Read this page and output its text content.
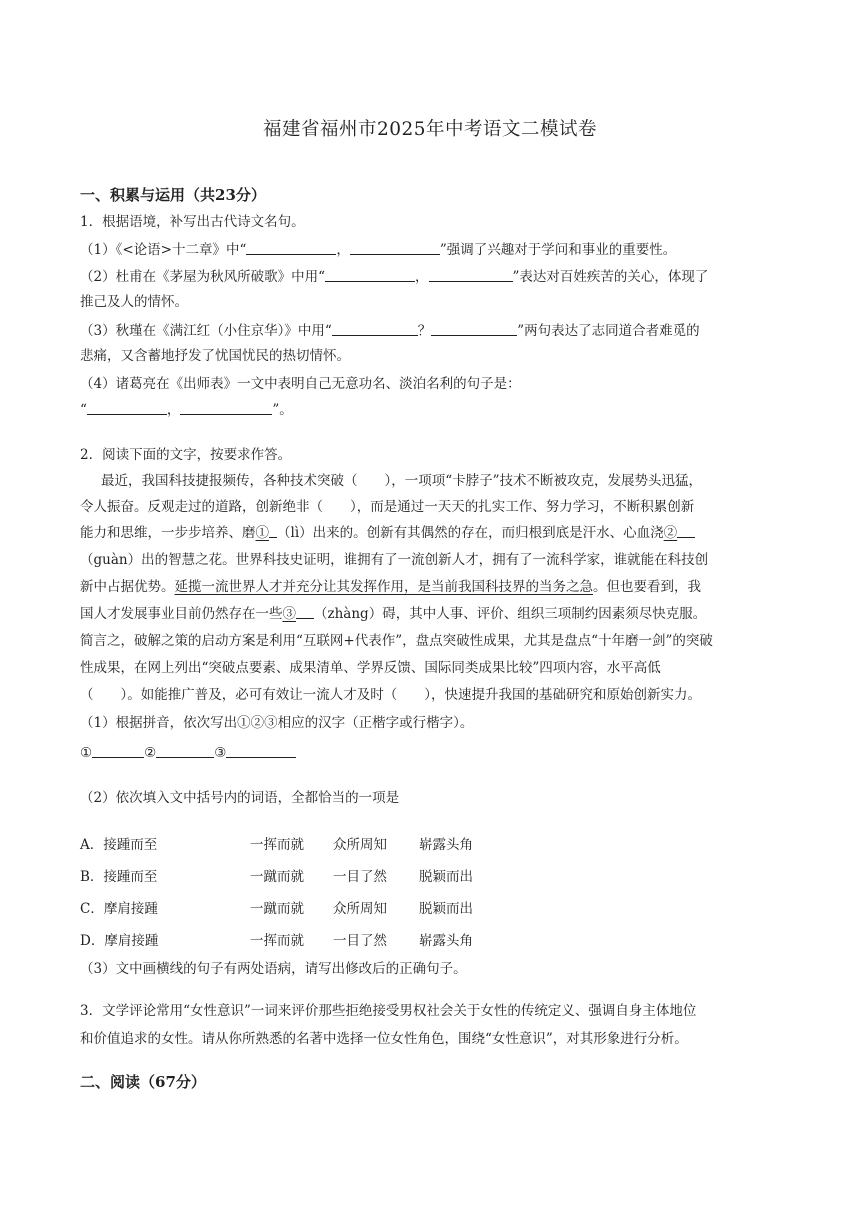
福建省福州市2025年中考语文二模试卷
一、积累与运用（共23分）
1．根据语境，补写出古代诗文名句。
（1）《<论语>十二章》中“	，	”强调了兴趣对于学问和事业的重要性。
（2）杜甫在《茅屋为秋风所破歌》中用“	，	”表达对百姓疾苦的关心，体现了
推己及人的情怀。
（3）秋瑾在《满江红（小住京华）》中用“	？	”两句表达了志同道合者难觅的
悲痛，又含蓄地抒发了忧国忧民的热切情怀。
（4）诸葛亮在《出师表》一文中表明自己无意功名、淡泊名利的句子是：
“	，	”。
2．阅读下面的文字，按要求作答。
最近，我国科技捷报频传，各种技术突破（　　），一项项“卡脖子”技术不断被攻克，发展势头迅猛，
令人振奋。反观走过的道路，创新绝非（　　），而是通过一天天的扎实工作、努力学习，不断积累创新
能力和思维，一步步培养、磨① （lì）出来的。创新有其偶然的存在，而归根到底是汗水、心血浇②
（guàn）出的智慧之花。世界科技史证明，谁拥有了一流创新人才，拥有了一流科学家，谁就能在科技创
新中占据优势。延揽一流世界人才并充分让其发挥作用，是当前我国科技界的当务之急。但也要看到，我
国人才发展事业目前仍然存在一些③ （zhàng）碍，其中人事、评价、组织三项制约因素须尽快克服。
简言之，破解之策的启动方案是利用“互联网+代表作”，盘点突破性成果，尤其是盘点“十年磨一剑”的突破
性成果，在网上列出“突破点要素、成果清单、学界反馈、国际同类成果比较”四项内容，水平高低
（　　）。如能推广普及，必可有效让一流人才及时（　　），快速提升我国的基础研究和原始创新实力。
（1）根据拼音，依次写出①②③相应的汉字（正楷字或行楷字）。
①	②	③
（2）依次填入文中括号内的词语，全都恰当的一项是
A．接踵而至	一挥而就 众所周知 崭露头角
B．接踵而至	一蹴而就 一目了然 脱颖而出
C．摩肩接踵	一蹴而就 众所周知 脱颖而出
D．摩肩接踵	一挥而就 一目了然 崭露头角
（3）文中画横线的句子有两处语病，请写出修改后的正确句子。
3．文学评论常用“女性意识”一词来评价那些拒绝接受男权社会关于女性的传统定义、强调自身主体地位
和价值追求的女性。请从你所熟悉的名著中选择一位女性角色，围绕“女性意识”，对其形象进行分析。
二、阅读（67分）
